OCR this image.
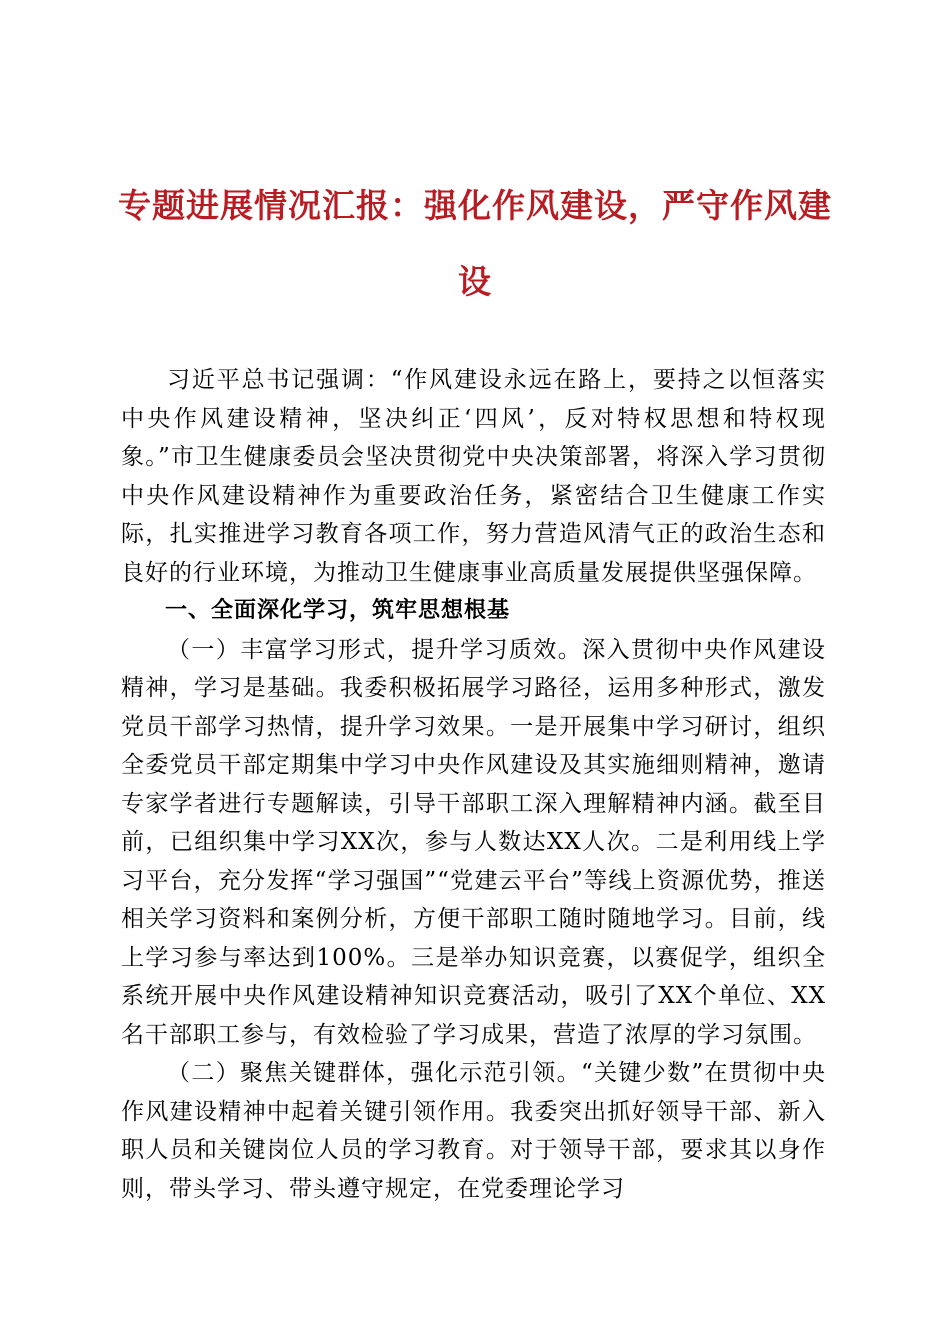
专题进展情况汇报：强化作风建设，严守作风建设

习近平总书记强调：“作风建设永远在路上，要持之以恒落实中央作风建设精神，坚决纠正‘四风’，反对特权思想和特权现象。”市卫生健康委员会坚决贯彻党中央决策部署，将深入学习贯彻中央作风建设精神作为重要政治任务，紧密结合卫生健康工作实际，扎实推进学习教育各项工作，努力营造风清气正的政治生态和良好的行业环境，为推动卫生健康事业高质量发展提供坚强保障。

一、全面深化学习，筑牢思想根基

（一）丰富学习形式，提升学习质效。深入贯彻中央作风建设精神，学习是基础。我委积极拓展学习路径，运用多种形式，激发党员干部学习热情，提升学习效果。一是开展集中学习研讨，组织全委党员干部定期集中学习中央作风建设及其实施细则精神，邀请专家学者进行专题解读，引导干部职工深入理解精神内涵。截至目前，已组织集中学习XX次，参与人数达XX人次。二是利用线上学习平台，充分发挥“学习强国”“党建云平台”等线上资源优势，推送相关学习资料和案例分析，方便干部职工随时随地学习。目前，线上学习参与率达到100%。三是举办知识竞赛，以赛促学，组织全系统开展中央作风建设精神知识竞赛活动，吸引了XX个单位、XX名干部职工参与，有效检验了学习成果，营造了浓厚的学习氛围。

（二）聚焦关键群体，强化示范引领。“关键少数”在贯彻中央作风建设精神中起着关键引领作用。我委突出抓好领导干部、新入职人员和关键岗位人员的学习教育。对于领导干部，要求其以身作则，带头学习、带头遵守规定，在党委理论学习
